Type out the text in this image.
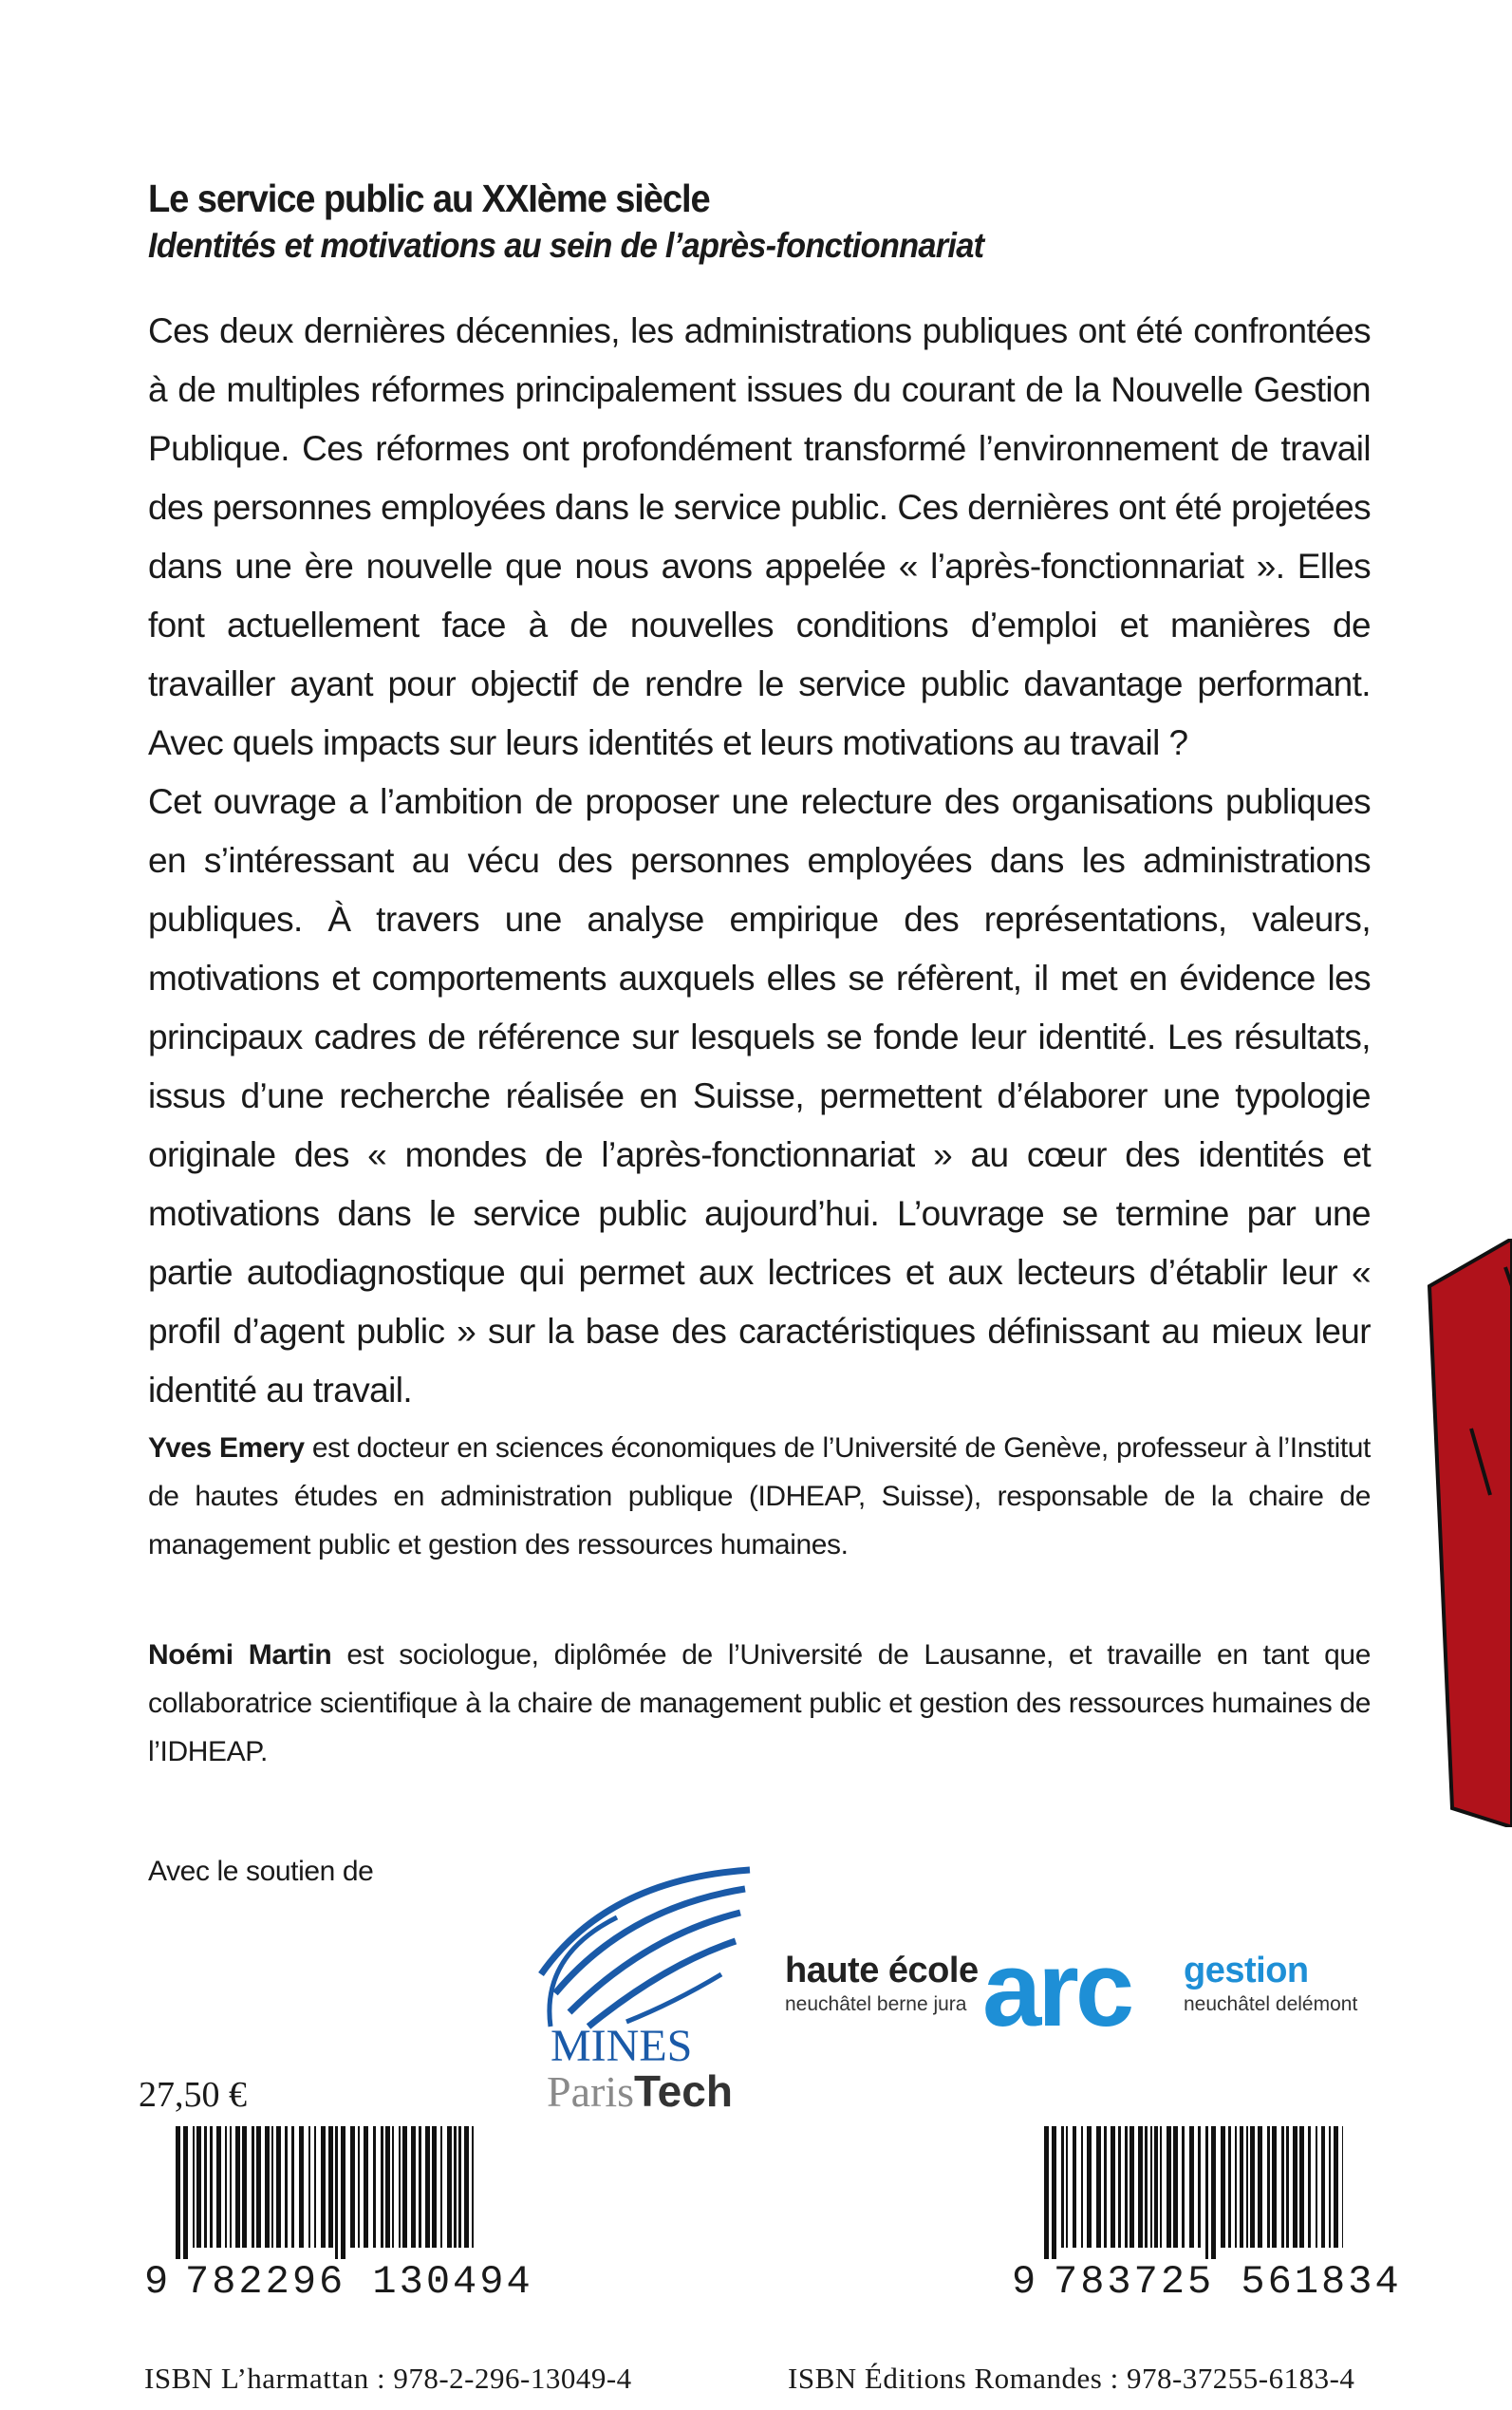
Le service public au XXIème siècle
Identités et motivations au sein de l’après-fonctionnariat

Ces deux dernières décennies, les administrations publiques ont été confrontées à de multiples réformes principalement issues du courant de la Nouvelle Gestion Publique. Ces réformes ont profondément transformé l’environnement de travail des personnes employées dans le service public. Ces dernières ont été projetées dans une ère nouvelle que nous avons appelée « l’après-fonctionnariat ». Elles font actuellement face à de nouvelles conditions d’emploi et manières de travailler ayant pour objectif de rendre le service public davantage performant. Avec quels impacts sur leurs identités et leurs motivations au travail ?

Cet ouvrage a l’ambition de proposer une relecture des organisations publiques en s’intéressant au vécu des personnes employées dans les administrations publiques. À travers une analyse empirique des représentations, valeurs, motivations et comportements auxquels elles se réfèrent, il met en évidence les principaux cadres de référence sur lesquels se fonde leur identité. Les résultats, issus d’une recherche réalisée en Suisse, permettent d’élaborer une typologie originale des « mondes de l’après-fonctionnariat » au cœur des identités et motivations dans le service public aujourd’hui. L’ouvrage se termine par une partie autodiagnostique qui permet aux lectrices et aux lecteurs d’établir leur « profil d’agent public » sur la base des caractéristiques définissant au mieux leur identité au travail.

Yves Emery est docteur en sciences économiques de l’Université de Genève, professeur à l’Institut de hautes études en administration publique (IDHEAP, Suisse), responsable de la chaire de management public et gestion des ressources humaines.

Noémi Martin est sociologue, diplômée de l’Université de Lausanne, et travaille en tant que collaboratrice scientifique à la chaire de management public et gestion des ressources humaines de l’IDHEAP.

Avec le soutien de
MINES
ParisTech
haute école
neuchâtel berne jura arc gestion
neuchâtel delémont
27,50 €
9 782296 130494
ISBN L’harmattan : 978-2-296-13049-4
9 783725 561834
ISBN Éditions Romandes : 978-37255-6183-4
